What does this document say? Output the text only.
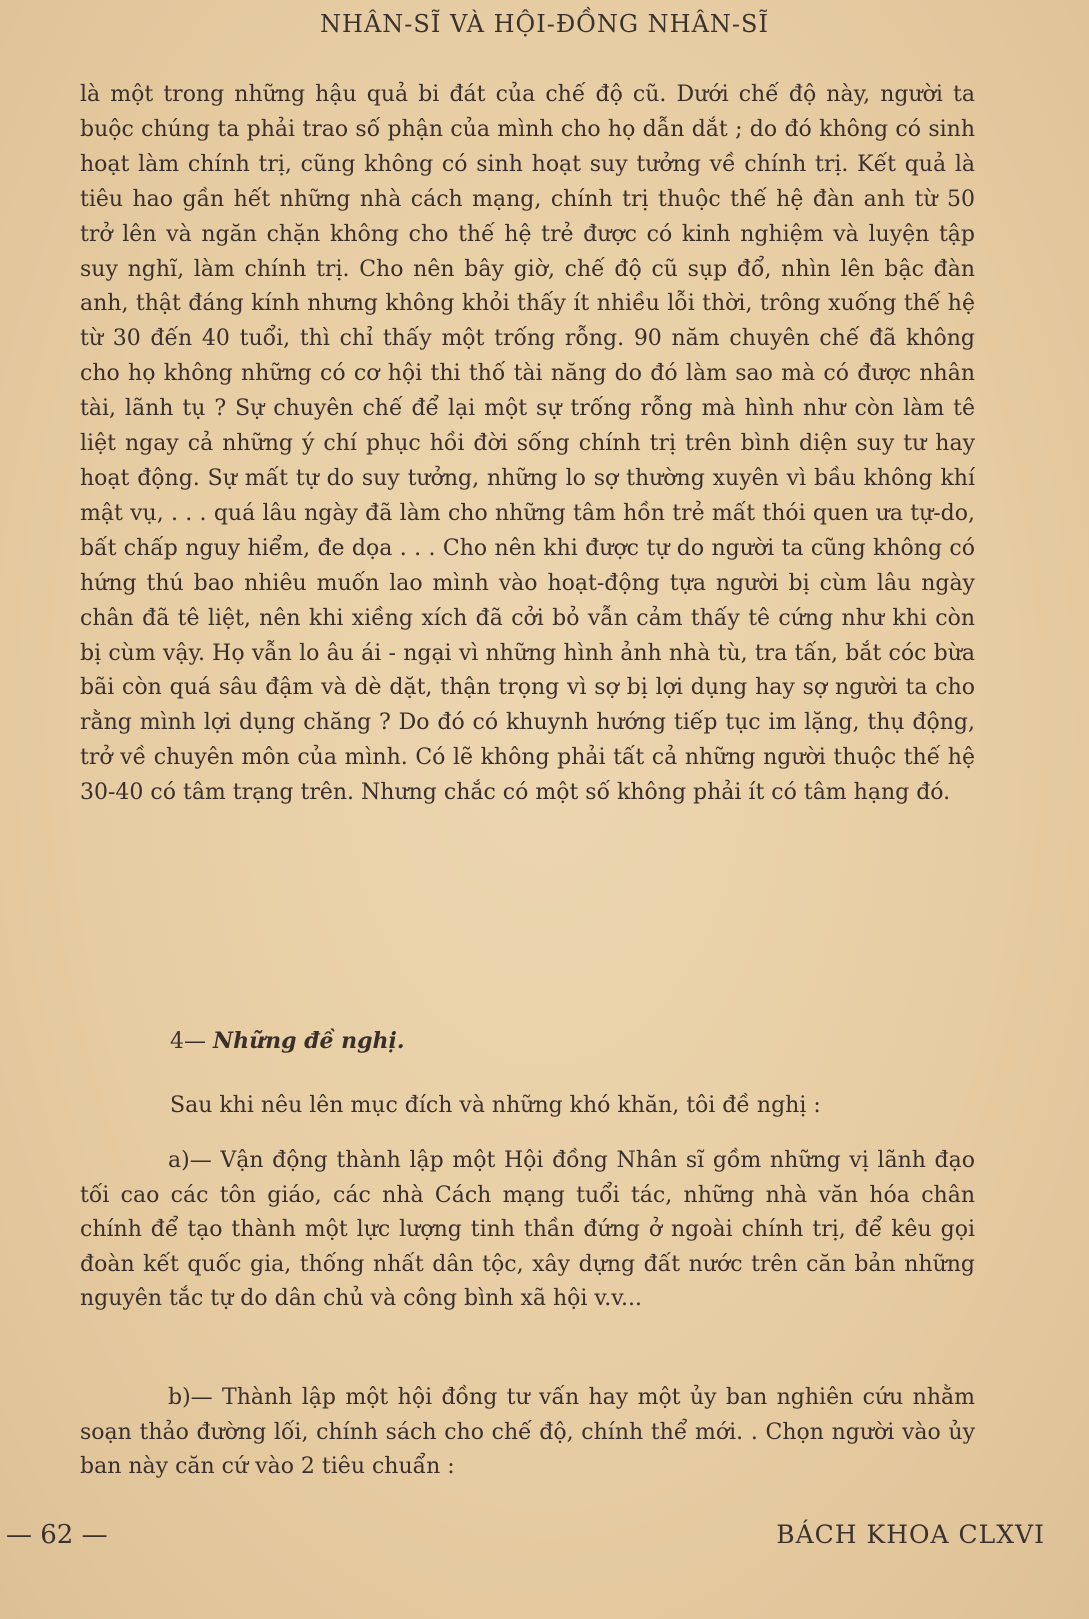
NHÂN-SĨ VÀ HỘI-ĐỒNG NHÂN-SĨ

là một trong những hậu quả bi đát của chế độ cũ. Dưới chế độ này, người ta buộc chúng ta phải trao số phận của mình cho họ dẫn dắt ; do đó không có sinh hoạt làm chính trị, cũng không có sinh hoạt suy tưởng về chính trị. Kết quả là tiêu hao gần hết những nhà cách mạng, chính trị thuộc thế hệ đàn anh từ 50 trở lên và ngăn chặn không cho thế hệ trẻ được có kinh nghiệm và luyện tập suy nghĩ, làm chính trị. Cho nên bây giờ, chế độ cũ sụp đổ, nhìn lên bậc đàn anh, thật đáng kính nhưng không khỏi thấy ít nhiều lỗi thời, trông xuống thế hệ từ 30 đến 40 tuổi, thì chỉ thấy một trống rỗng. 90 năm chuyên chế đã không cho họ không những có cơ hội thi thố tài năng do đó làm sao mà có được nhân tài, lãnh tụ ? Sự chuyên chế để lại một sự trống rỗng mà hình như còn làm tê liệt ngay cả những ý chí phục hồi đời sống chính trị trên bình diện suy tư hay hoạt động. Sự mất tự do suy tưởng, những lo sợ thường xuyên vì bầu không khí mật vụ, . . . quá lâu ngày đã làm cho những tâm hồn trẻ mất thói quen ưa tự-do, bất chấp nguy hiểm, đe dọa . . . Cho nên khi được tự do người ta cũng không có hứng thú bao nhiêu muốn lao mình vào hoạt-động tựa người bị cùm lâu ngày chân đã tê liệt, nên khi xiềng xích đã cởi bỏ vẫn cảm thấy tê cứng như khi còn bị cùm vậy. Họ vẫn lo âu ái - ngại vì những hình ảnh nhà tù, tra tấn, bắt cóc bừa bãi còn quá sâu đậm và dè dặt, thận trọng vì sợ bị lợi dụng hay sợ người ta cho rằng mình lợi dụng chăng ? Do đó có khuynh hướng tiếp tục im lặng, thụ động, trở về chuyên môn của mình. Có lẽ không phải tất cả những người thuộc thế hệ 30-40 có tâm trạng trên. Nhưng chắc có một số không phải ít có tâm hạng đó.

4— Những đề nghị.

Sau khi nêu lên mục đích và những khó khăn, tôi đề nghị :

a)— Vận động thành lập một Hội đồng Nhân sĩ gồm những vị lãnh đạo tối cao các tôn giáo, các nhà Cách mạng tuổi tác, những nhà văn hóa chân chính để tạo thành một lực lượng tinh thần đứng ở ngoài chính trị, để kêu gọi đoàn kết quốc gia, thống nhất dân tộc, xây dựng đất nước trên căn bản những nguyên tắc tự do dân chủ và công bình xã hội v.v...

b)— Thành lập một hội đồng tư vấn hay một ủy ban nghiên cứu nhằm soạn thảo đường lối, chính sách cho chế độ, chính thể mới. . Chọn người vào ủy ban này căn cứ vào 2 tiêu chuẩn :

— 62 —	BÁCH KHOA CLXVI
